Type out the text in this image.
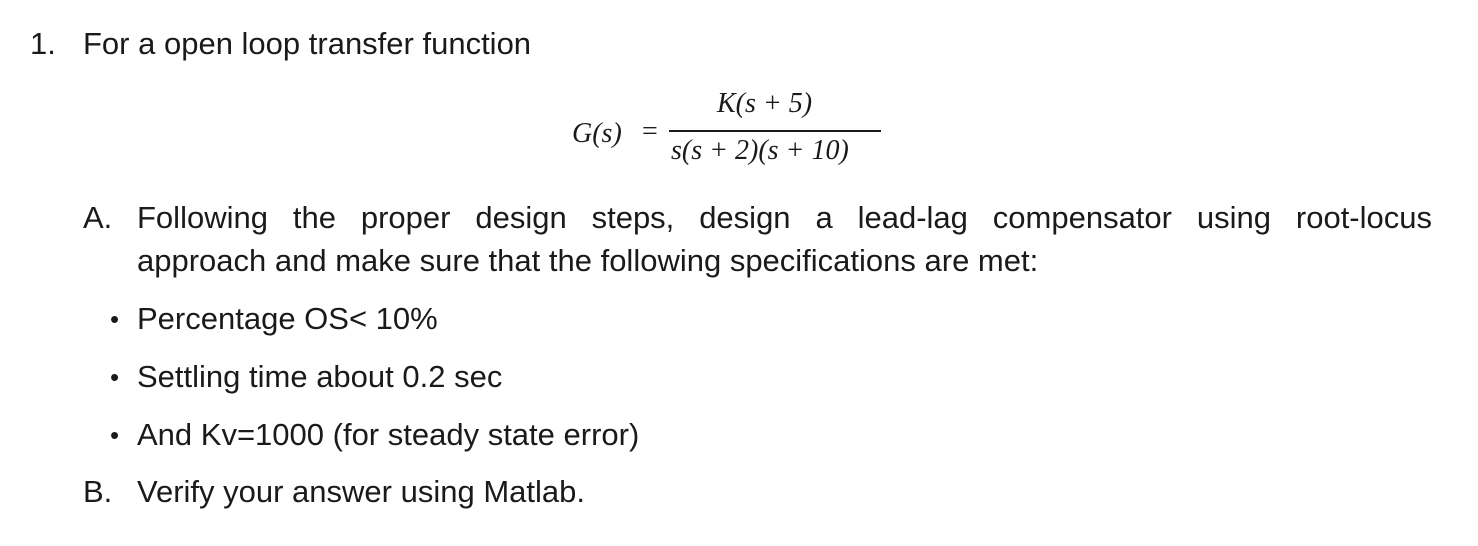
1. For a open loop transfer function
G(s) =
K(s + 5)
s(s + 2)(s + 10)
A. Following the proper design steps, design a lead-lag compensator using root-locus
approach and make sure that the following specifications are met:
• Percentage OS< 10%
• Settling time about 0.2 sec
• And Kv=1000 (for steady state error)
B. Verify your answer using Matlab.
